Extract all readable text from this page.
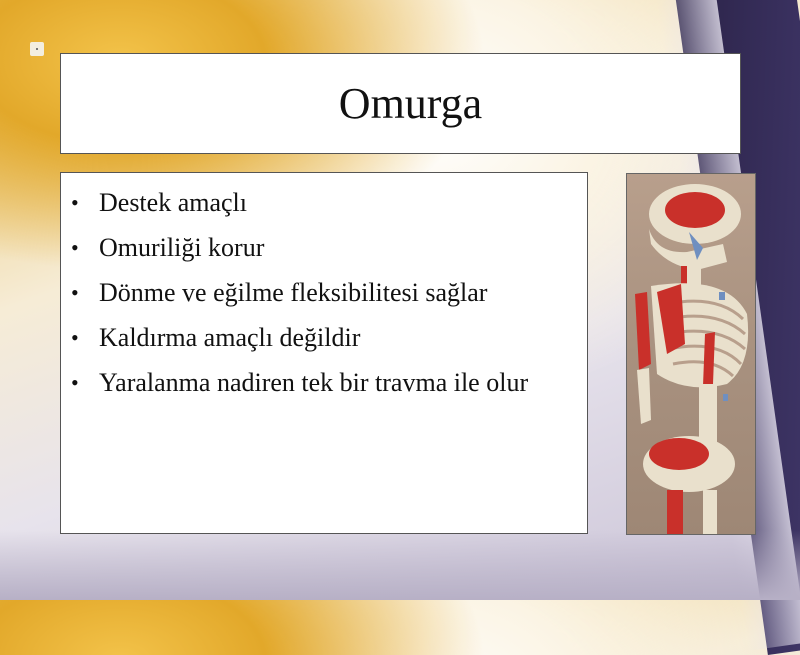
Omurga
• Destek amaçlı
• Omuriliği korur
• Dönme ve eğilme fleksibilitesi sağlar
• Kaldırma amaçlı değildir
• Yaralanma nadiren tek bir travma ile olur
